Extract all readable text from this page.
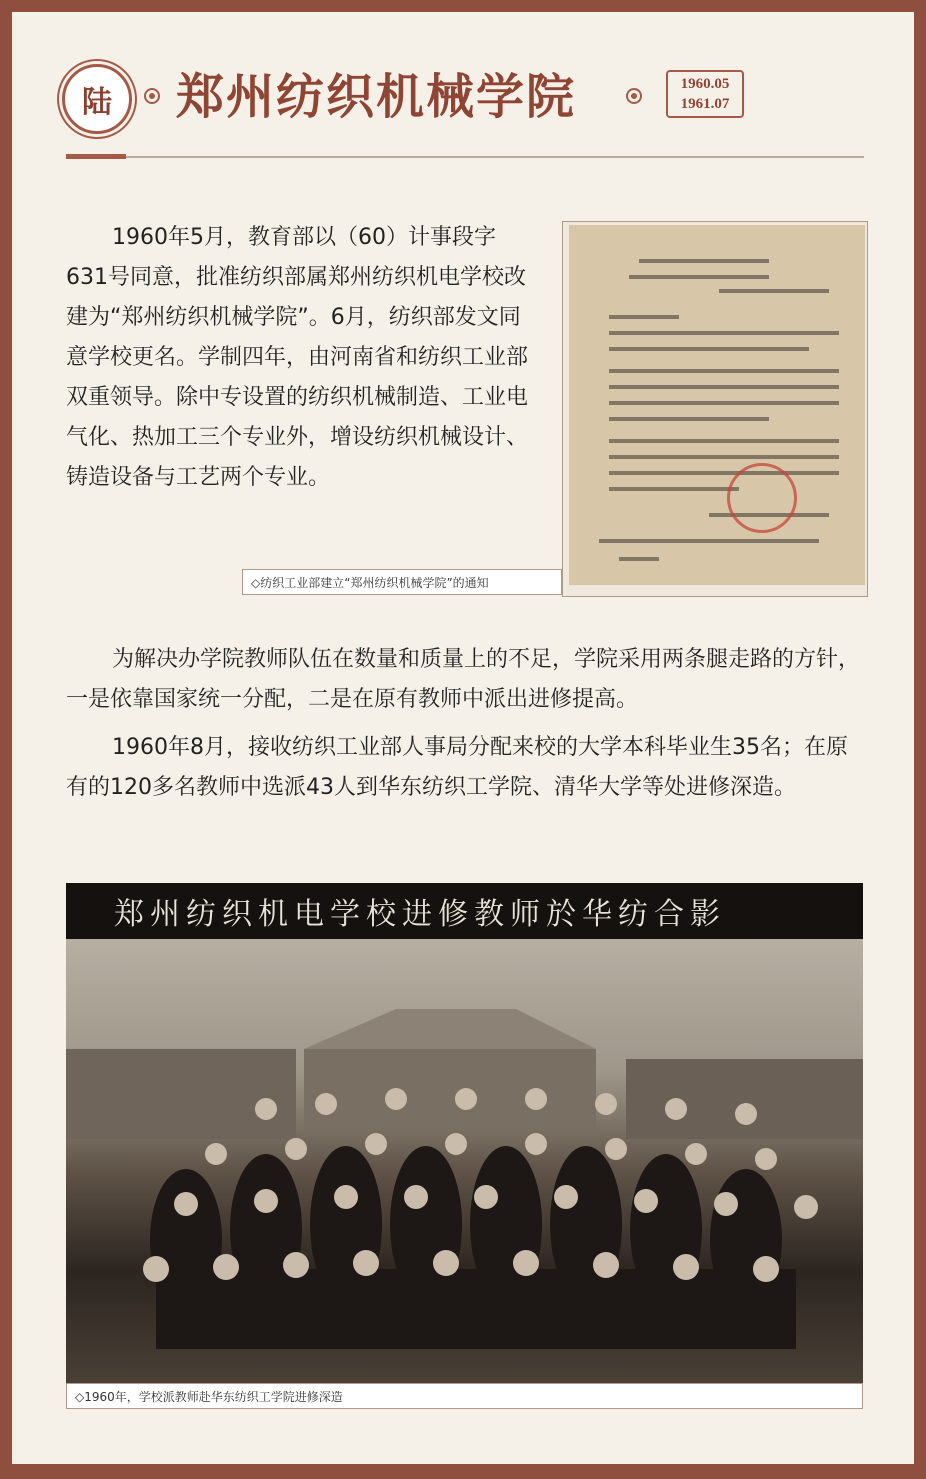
陆	郑州纺织机械学院	1960.05
1961.07

1960年5月，教育部以（60）计事段字631号同意，批准纺织部属郑州纺织机电学校改建为“郑州纺织机械学院”。6月，纺织部发文同意学校更名。学制四年，由河南省和纺织工业部双重领导。除中专设置的纺织机械制造、工业电气化、热加工三个专业外，增设纺织机械设计、铸造设备与工艺两个专业。

◇纺织工业部建立“郑州纺织机械学院”的通知

为解决办学院教师队伍在数量和质量上的不足，学院采用两条腿走路的方针，一是依靠国家统一分配，二是在原有教师中派出进修提高。

1960年8月，接收纺织工业部人事局分配来校的大学本科毕业生35名；在原有的120多名教师中选派43人到华东纺织工学院、清华大学等处进修深造。

郑州纺织机电学校进修教师於华纺合影
◇1960年，学校派教师赴华东纺织工学院进修深造
